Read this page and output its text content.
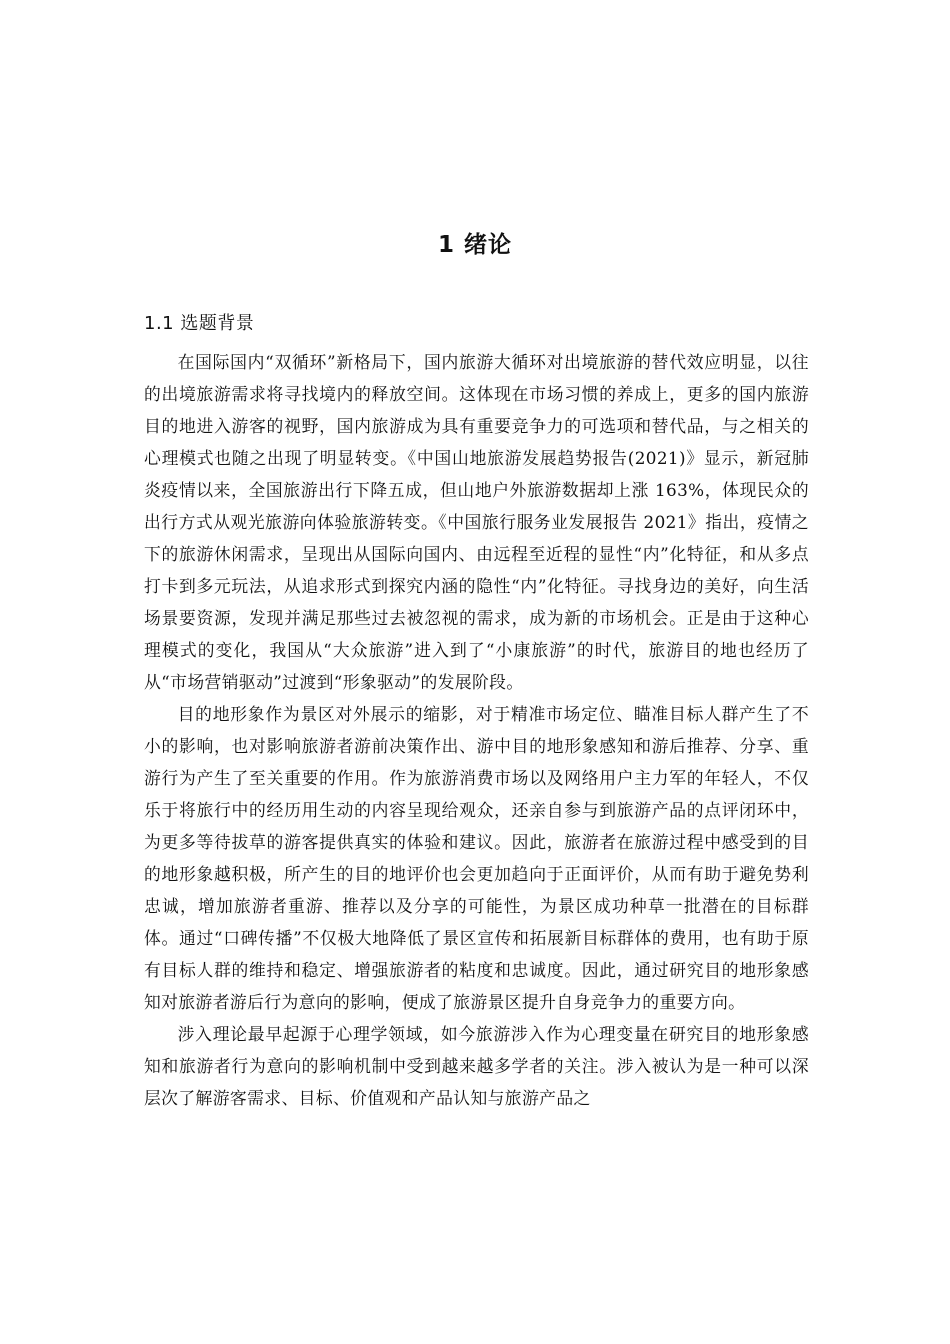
1 绪论
1.1 选题背景

在国际国内“双循环”新格局下，国内旅游大循环对出境旅游的替代效应明显，以往的出境旅游需求将寻找境内的释放空间。这体现在市场习惯的养成上，更多的国内旅游目的地进入游客的视野，国内旅游成为具有重要竞争力的可选项和替代品，与之相关的心理模式也随之出现了明显转变。《中国山地旅游发展趋势报告(2021)》显示，新冠肺炎疫情以来，全国旅游出行下降五成，但山地户外旅游数据却上涨 163%，体现民众的出行方式从观光旅游向体验旅游转变。《中国旅行服务业发展报告 2021》指出，疫情之下的旅游休闲需求，呈现出从国际向国内、由远程至近程的显性“内”化特征，和从多点打卡到多元玩法，从追求形式到探究内涵的隐性“内”化特征。寻找身边的美好，向生活场景要资源，发现并满足那些过去被忽视的需求，成为新的市场机会。正是由于这种心理模式的变化，我国从“大众旅游”进入到了“小康旅游”的时代，旅游目的地也经历了从“市场营销驱动”过渡到“形象驱动”的发展阶段。

目的地形象作为景区对外展示的缩影，对于精准市场定位、瞄准目标人群产生了不小的影响，也对影响旅游者游前决策作出、游中目的地形象感知和游后推荐、分享、重游行为产生了至关重要的作用。作为旅游消费市场以及网络用户主力军的年轻人，不仅乐于将旅行中的经历用生动的内容呈现给观众，还亲自参与到旅游产品的点评闭环中，为更多等待拔草的游客提供真实的体验和建议。因此，旅游者在旅游过程中感受到的目的地形象越积极，所产生的目的地评价也会更加趋向于正面评价，从而有助于避免势利忠诚，增加旅游者重游、推荐以及分享的可能性，为景区成功种草一批潜在的目标群体。通过“口碑传播”不仅极大地降低了景区宣传和拓展新目标群体的费用，也有助于原有目标人群的维持和稳定、增强旅游者的粘度和忠诚度。因此，通过研究目的地形象感知对旅游者游后行为意向的影响，便成了旅游景区提升自身竞争力的重要方向。

涉入理论最早起源于心理学领域，如今旅游涉入作为心理变量在研究目的地形象感知和旅游者行为意向的影响机制中受到越来越多学者的关注。涉入被认为是一种可以深层次了解游客需求、目标、价值观和产品认知与旅游产品之
